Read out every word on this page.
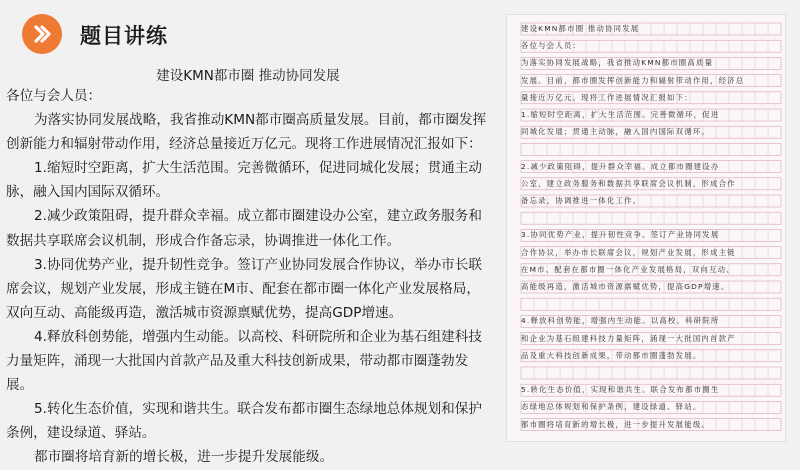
题目讲练
建设KMN都市圈 推动协同发展

各位与会人员：

为落实协同发展战略，我省推动KMN都市圈高质量发展。目前，都市圈发挥创新能力和辐射带动作用，经济总量接近万亿元。现将工作进展情况汇报如下：

1.缩短时空距离，扩大生活范围。完善微循环，促进同城化发展；贯通主动脉，融入国内国际双循环。

2.减少政策阻碍，提升群众幸福。成立都市圈建设办公室，建立政务服务和数据共享联席会议机制，形成合作备忘录，协调推进一体化工作。

3.协同优势产业，提升韧性竞争。签订产业协同发展合作协议，举办市长联席会议，规划产业发展，形成主链在M市、配套在都市圈一体化产业发展格局，双向互动、高能级再造，激活城市资源禀赋优势，提高GDP增速。

4.释放科创势能，增强内生动能。以高校、科研院所和企业为基石组建科技力量矩阵，涌现一大批国内首款产品及重大科技创新成果，带动都市圈蓬勃发展。

5.转化生态价值，实现和谐共生。联合发布都市圈生态绿地总体规划和保护条例，建设绿道、驿站。

都市圈将培育新的增长极，进一步提升发展能级。

建设KMN都市圈 推动协同发展
各位与会人员：
为落实协同发展战略，我省推动KMN都市圈高质量
发展。目前，都市圈发挥创新能力和辐射带动作用，经济总
量接近万亿元。现将工作进展情况汇报如下：
1.缩短时空距离，扩大生活范围。完善微循环，促进
同城化发展；贯通主动脉，融入国内国际双循环。
2.减少政策阻碍，提升群众幸福。成立都市圈建设办
公室，建立政务服务和数据共享联席会议机制，形成合作
备忘录，协调推进一体化工作。
3.协同优势产业，提升韧性竞争。签订产业协同发展
合作协议，举办市长联席会议，规划产业发展，形成主链
在M市、配套在都市圈一体化产业发展格局，双向互动、
高能级再造，激活城市资源禀赋优势，提高GDP增速。
4.释放科创势能，增强内生动能。以高校、科研院所
和企业为基石组建科技力量矩阵，涌现一大批国内首款产
品及重大科技创新成果，带动都市圈蓬勃发展。
5.转化生态价值，实现和谐共生。联合发布都市圈生
态绿地总体规划和保护条例，建设绿道、驿站。
都市圈将培育新的增长极，进一步提升发展能级。
